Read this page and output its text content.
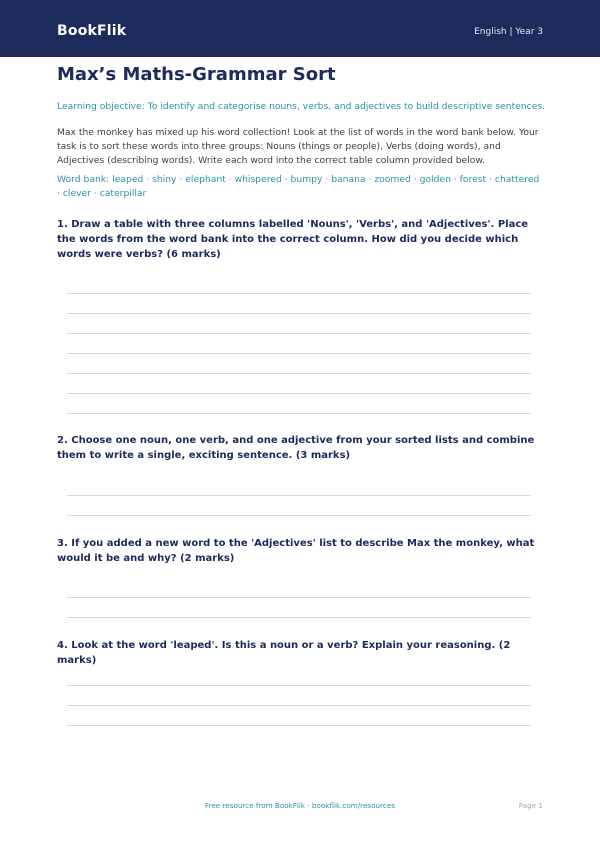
BookFlik	English | Year 3
Max’s Maths-Grammar Sort
Learning objective: To identify and categorise nouns, verbs, and adjectives to build descriptive sentences.
Max the monkey has mixed up his word collection! Look at the list of words in the word bank below. Your task is to sort these words into three groups: Nouns (things or people), Verbs (doing words), and Adjectives (describing words). Write each word into the correct table column provided below.
Word bank: leaped · shiny · elephant · whispered · bumpy · banana · zoomed · golden · forest · chattered · clever · caterpillar
1. Draw a table with three columns labelled 'Nouns', 'Verbs', and 'Adjectives'. Place the words from the word bank into the correct column. How did you decide which words were verbs? (6 marks)
2. Choose one noun, one verb, and one adjective from your sorted lists and combine them to write a single, exciting sentence. (3 marks)
3. If you added a new word to the 'Adjectives' list to describe Max the monkey, what would it be and why? (2 marks)
4. Look at the word 'leaped'. Is this a noun or a verb? Explain your reasoning. (2 marks)
Free resource from BookFlik · bookflik.com/resources	Page 1
